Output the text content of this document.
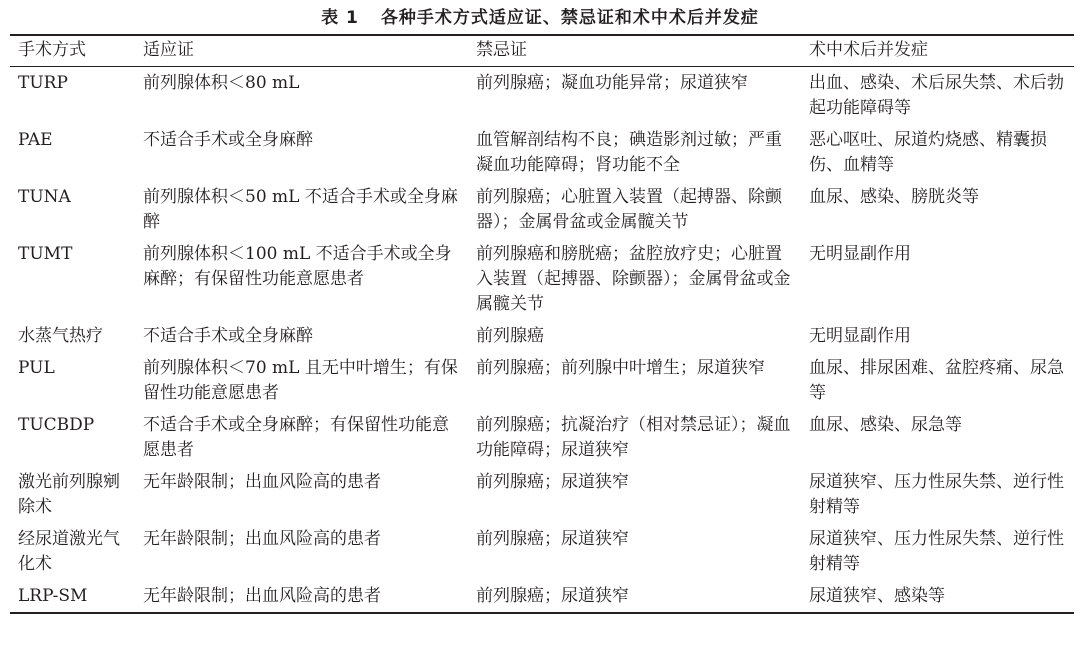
表 1 各种手术方式适应证、禁忌证和术中术后并发症
手术方式	适应证	禁忌证	术中术后并发症
TURP	前列腺体积＜80 mL	前列腺癌；凝血功能异常；尿道狭窄	出血、感染、术后尿失禁、术后勃起功能障碍等
PAE	不适合手术或全身麻醉	血管解剖结构不良；碘造影剂过敏；严重凝血功能障碍；肾功能不全	恶心呕吐、尿道灼烧感、精囊损伤、血精等
TUNA	前列腺体积＜50 mL 不适合手术或全身麻醉	前列腺癌；心脏置入装置（起搏器、除颤器）；金属骨盆或金属髋关节	血尿、感染、膀胱炎等
TUMT	前列腺体积＜100 mL 不适合手术或全身麻醉；有保留性功能意愿患者	前列腺癌和膀胱癌；盆腔放疗史；心脏置入装置（起搏器、除颤器）；金属骨盆或金属髋关节	无明显副作用
水蒸气热疗	不适合手术或全身麻醉	前列腺癌	无明显副作用
PUL	前列腺体积＜70 mL 且无中叶增生；有保留性功能意愿患者	前列腺癌；前列腺中叶增生；尿道狭窄	血尿、排尿困难、盆腔疼痛、尿急等
TUCBDP	不适合手术或全身麻醉；有保留性功能意愿患者	前列腺癌；抗凝治疗（相对禁忌证）；凝血功能障碍；尿道狭窄	血尿、感染、尿急等
激光前列腺剜除术	无年龄限制；出血风险高的患者	前列腺癌；尿道狭窄	尿道狭窄、压力性尿失禁、逆行性射精等
经尿道激光气化术	无年龄限制；出血风险高的患者	前列腺癌；尿道狭窄	尿道狭窄、压力性尿失禁、逆行性射精等
LRP-SM	无年龄限制；出血风险高的患者	前列腺癌；尿道狭窄	尿道狭窄、感染等
